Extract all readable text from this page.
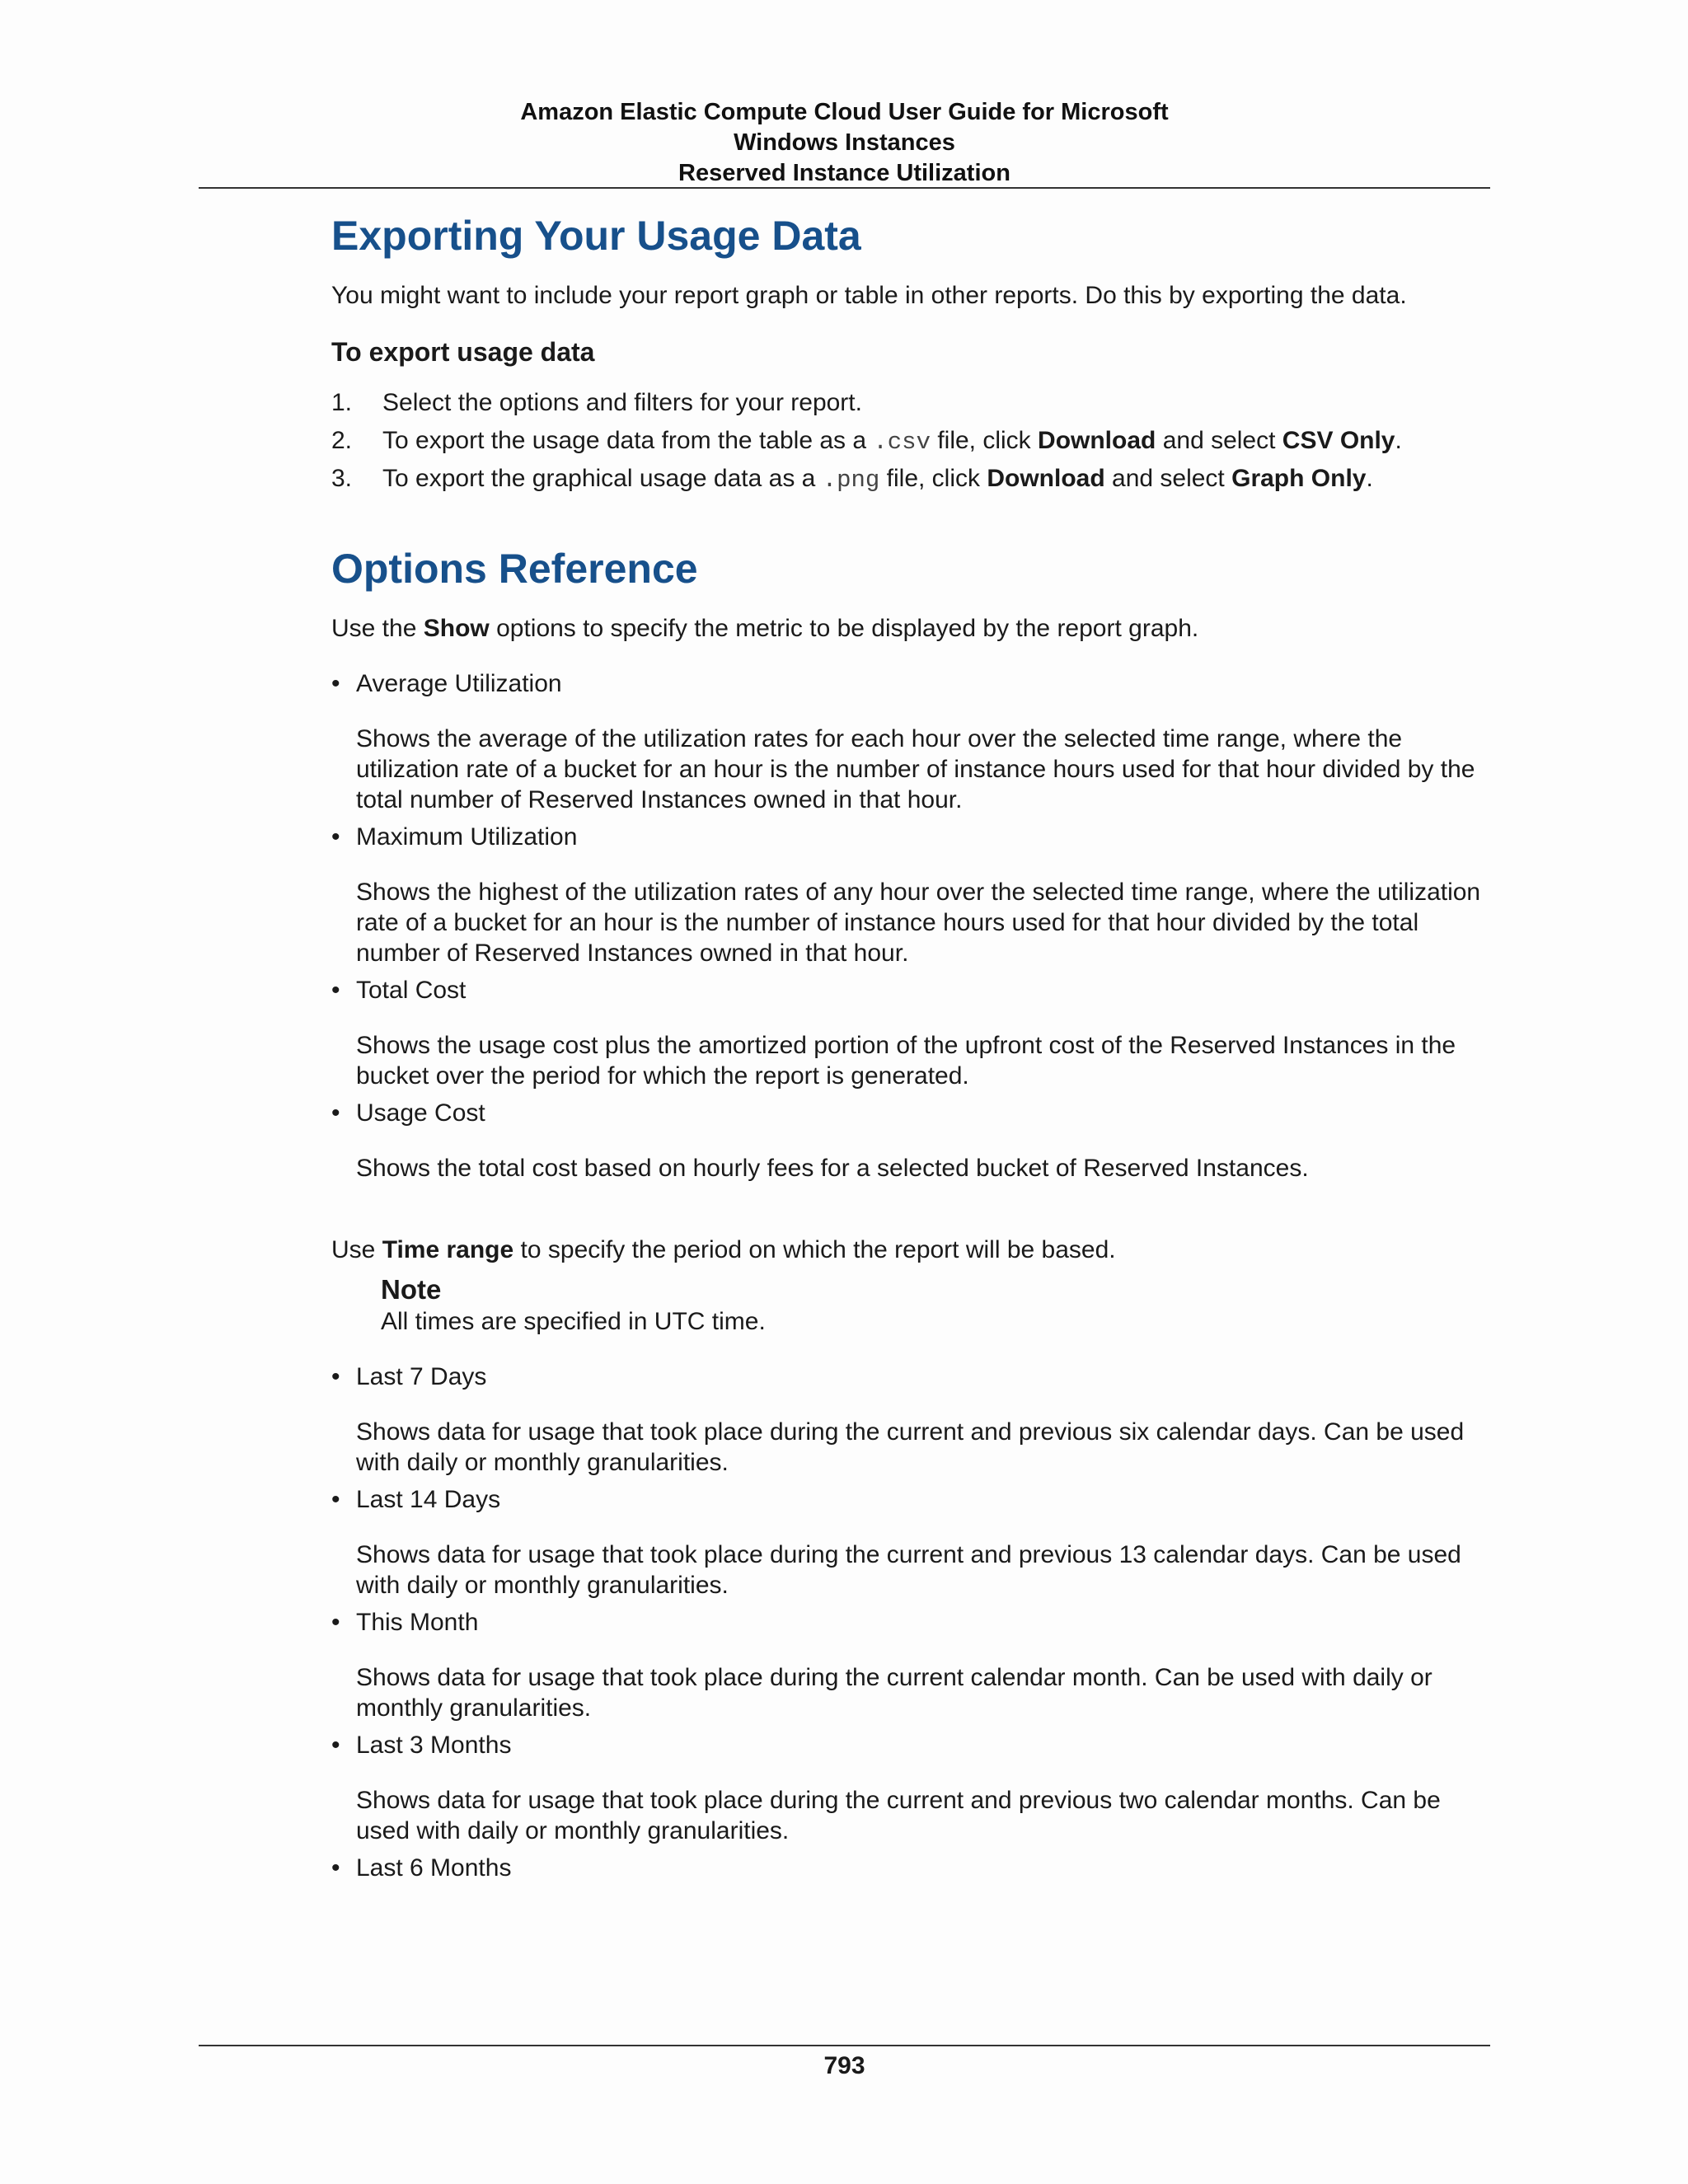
Amazon Elastic Compute Cloud User Guide for Microsoft
Windows Instances
Reserved Instance Utilization
Exporting Your Usage Data

You might want to include your report graph or table in other reports. Do this by exporting the data.

To export usage data

1. Select the options and filters for your report.
2. To export the usage data from the table as a .csv file, click Download and select CSV Only.
3. To export the graphical usage data as a .png file, click Download and select Graph Only.
Options Reference

Use the Show options to specify the metric to be displayed by the report graph.

• Average Utilization

Shows the average of the utilization rates for each hour over the selected time range, where the utilization rate of a bucket for an hour is the number of instance hours used for that hour divided by the total number of Reserved Instances owned in that hour.

• Maximum Utilization

Shows the highest of the utilization rates of any hour over the selected time range, where the utilization rate of a bucket for an hour is the number of instance hours used for that hour divided by the total number of Reserved Instances owned in that hour.

• Total Cost

Shows the usage cost plus the amortized portion of the upfront cost of the Reserved Instances in the bucket over the period for which the report is generated.

• Usage Cost

Shows the total cost based on hourly fees for a selected bucket of Reserved Instances.

Use Time range to specify the period on which the report will be based.

Note
All times are specified in UTC time.
• Last 7 Days

Shows data for usage that took place during the current and previous six calendar days. Can be used with daily or monthly granularities.

• Last 14 Days

Shows data for usage that took place during the current and previous 13 calendar days. Can be used with daily or monthly granularities.

• This Month

Shows data for usage that took place during the current calendar month. Can be used with daily or monthly granularities.

• Last 3 Months

Shows data for usage that took place during the current and previous two calendar months. Can be used with daily or monthly granularities.

• Last 6 Months
793
